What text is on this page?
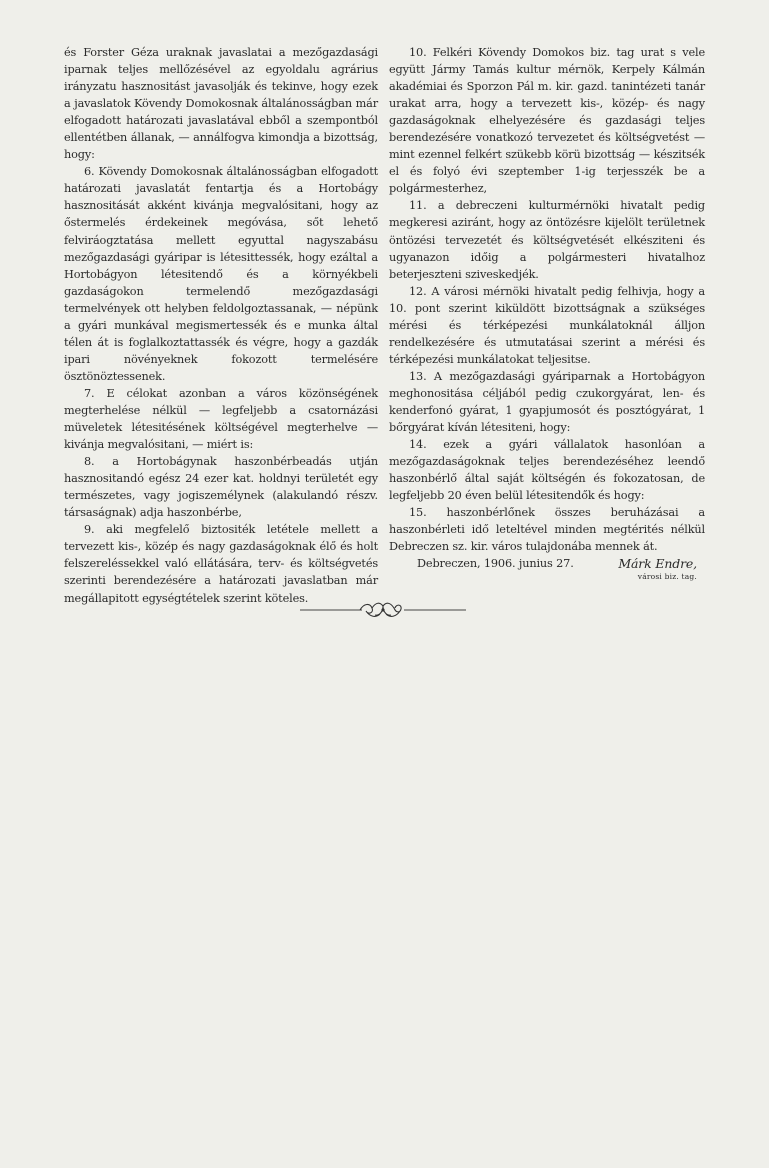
és Forster Géza uraknak javaslatai a mezőgazdasági iparnak teljes mellőzésével az egyoldalu agrárius irányzatu hasznositást javasolják és tekinve, hogy ezek a javaslatok Kövendy Domokosnak általánosságban már elfogadott határozati javaslatával ebből a szempontból ellentétben állanak, — annálfogva kimondja a bizottság, hogy:

6. Kövendy Domokosnak általánosságban elfogadott határozati javaslatát fentartja és a Hortobágy hasznositását akként kivánja megvalósitani, hogy az őstermelés érdekeinek megóvása, sőt lehető felviráogztatása mellett egyuttal nagyszabásu mezőgazdasági gyáripar is létesittessék, hogy ezáltal a Hortobágyon létesitendő és a környékbeli gazdaságokon termelendő mezőgazdasági termelvények ott helyben feldolgoztassanak, — népünk a gyári munkával megismertessék és e munka által télen át is foglalkoztattassék és végre, hogy a gazdák ipari növényeknek fokozott termelésére ösztönöztessenek.

7. E célokat azonban a város közönségének megterhelése nélkül — legfeljebb a csatornázási müveletek létesitésének költségével megterhelve — kivánja megvalósitani, — miért is:

8. a Hortobágynak haszonbérbeadás utján hasznositandó egész 24 ezer kat. holdnyi területét egy természetes, vagy jogiszemélynek (alakulandó részv. társaságnak) adja haszonbérbe,

9. aki megfelelő biztositék letétele mellett a tervezett kis-, közép és nagy gazdaságoknak élő és holt felszereléssekkel való ellátására, terv- és költségvetés szerinti berendezésére a határozati javaslatban már megállapitott egységtételek szerint köteles.

10. Felkéri Kövendy Domokos biz. tag urat s vele együtt Jármy Tamás kultur mérnök, Kerpely Kálmán akadémiai és Sporzon Pál m. kir. gazd. tanintézeti tanár urakat arra, hogy a tervezett kis-, közép- és nagy gazdaságoknak elhelyezésére és gazdasági teljes berendezésére vonatkozó tervezetet és költségvetést — mint ezennel felkért szükebb körü bizottság — készitsék el és folyó évi szeptember 1-ig terjesszék be a polgármesterhez,

11. a debreczeni kulturmérnöki hivatalt pedig megkeresi aziránt, hogy az öntözésre kijelölt területnek öntözési tervezetét és költségvetését elkésziteni és ugyanazon időig a polgármesteri hivatalhoz beterjeszteni sziveskedjék.

12. A városi mérnöki hivatalt pedig felhivja, hogy a 10. pont szerint kiküldött bizottságnak a szükséges mérési és térképezési munkálatoknál álljon rendelkezésére és utmutatásai szerint a mérési és térképezési munkálatokat teljesitse.

13. A mezőgazdasági gyáriparnak a Hortobágyon meghonositása céljából pedig czukorgyárat, len- és kenderfonó gyárat, 1 gyapjumosót és posztógyárat, 1 bőrgyárat kíván létesiteni, hogy:

14. ezek a gyári vállalatok hasonlóan a mezőgazdaságoknak teljes berendezéséhez leendő haszonbérlő által saját költségén és fokozatosan, de legfeljebb 20 éven belül létesitendők és hogy:

15. haszonbérlőnek összes beruházásai a haszonbérleti idő leteltével minden megtérités nélkül Debreczen sz. kir. város tulajdonába mennek át.

Debreczen, 1906. junius 27.	Márk Endre,
városi biz. tag.
